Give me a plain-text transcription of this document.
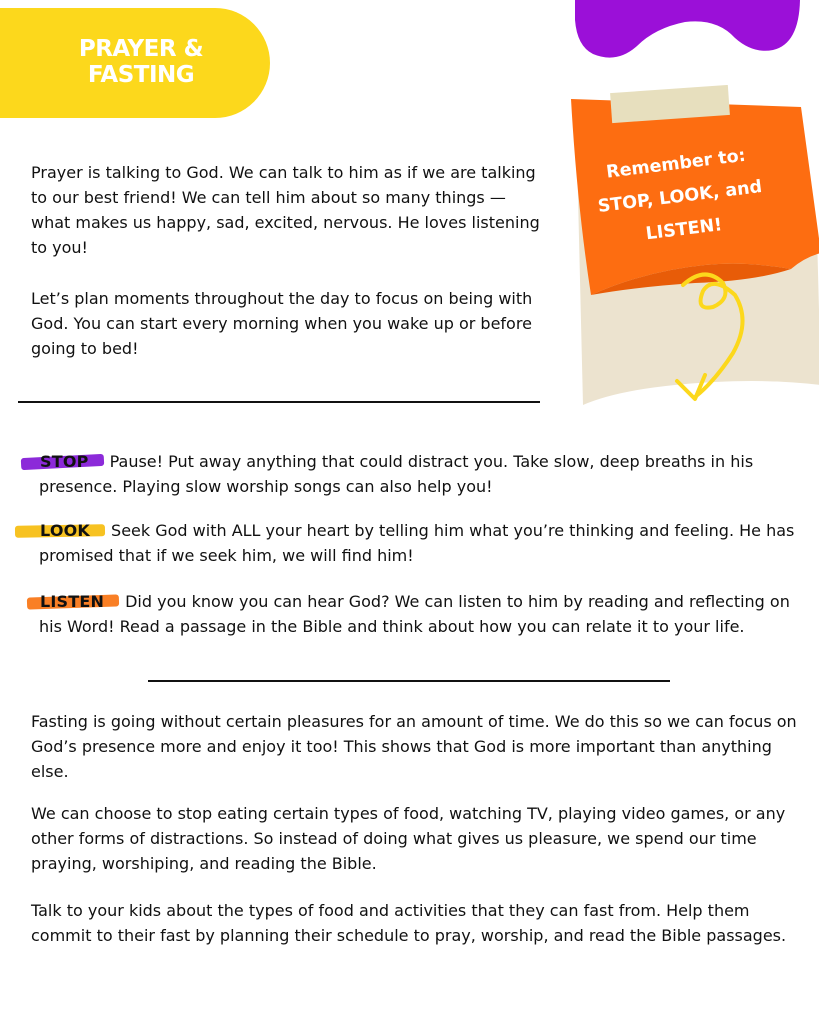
PRAYER & FASTING
Remember to: STOP, LOOK, and LISTEN!

Prayer is talking to God. We can talk to him as if we are talking to our best friend! We can tell him about so many things — what makes us happy, sad, excited, nervous. He loves listening to you!

Let’s plan moments throughout the day to focus on being with God. You can start every morning when you wake up or before going to bed!

STOP Pause! Put away anything that could distract you. Take slow, deep breaths in his presence. Playing slow worship songs can also help you!

LOOK Seek God with ALL your heart by telling him what you’re thinking and feeling. He has promised that if we seek him, we will find him!

LISTEN Did you know you can hear God? We can listen to him by reading and reflecting on his Word! Read a passage in the Bible and think about how you can relate it to your life.

Fasting is going without certain pleasures for an amount of time. We do this so we can focus on God’s presence more and enjoy it too! This shows that God is more important than anything else.

We can choose to stop eating certain types of food, watching TV, playing video games, or any other forms of distractions. So instead of doing what gives us pleasure, we spend our time praying, worshiping, and reading the Bible.

Talk to your kids about the types of food and activities that they can fast from. Help them commit to their fast by planning their schedule to pray, worship, and read the Bible passages.
